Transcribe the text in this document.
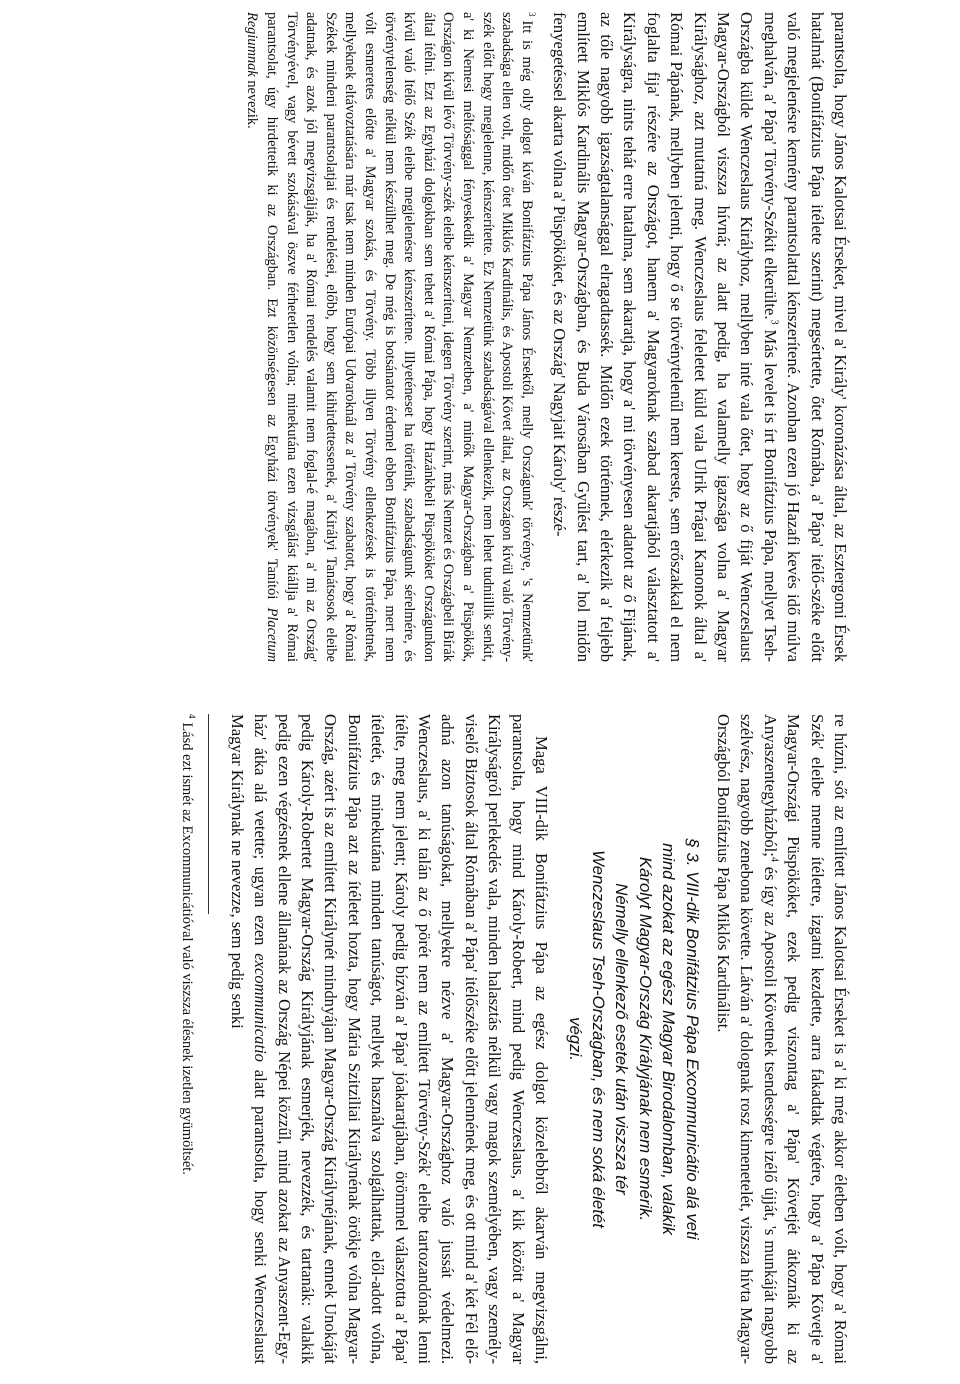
parantsolta, hogy János Kalotsai Érseket, mivel a' Király' koronázása által, az Esztergomi Érsek hatalmát (Bonifátzius Pápa itélete szerint) megsértette, őtet Rómába, a' Pápa' itélő-széke előtt való megjelenésre kemény parantsolattal kénszerítené. Azonban ezen jó Hazafi kevés idő múlva meghalván, a' Pápa' Törvény-Székit elkerülte.$^3$ Más levelet is írt Bonifátzius Pápa, mellyet Tseh-Országba külde Wenczeslaus Királyhoz, mellyben inté vala őtet, hogy az ő fiját Wenczeslaust Magyar-Országból viszsza hívná; az alatt pedig, ha valamelly igazsága volna a' Magyar Királysághoz, azt mutatná meg. Wenczeslaus feleletet küld vala Ulrik Prágai Kanonok által a' Római Pápának, mellyben jelenti, hogy ő se törvénytelenűl nem kereste, sem erőszakkal el nem foglalta fija' részére az Országot, hanem a' Magyaroknak szabad akaratjából választatott a' Királyságra, nints tehát erre hatalma, sem akaratja, hogy a' mi törvényesen adatott az ő Fijának, az tőle nagyobb igazságtalansággal elragadtassék. Midőn ezek történnek, elérkezik a' feljebb említett Miklós Kardinális Magyar-Országban, és Buda Városában Gyűlést tart, a' hol midőn fenyegetéssel akarta vólna a' Püspököket, és az Ország' Nagyjait Károly' részé-

$^3$Itt is még olly dolgot kíván Bonifátzius Pápa János Érsektől, melly Országunk' törvénye, 's Nemzetünk' szabadsága ellen volt, midőn őtet Miklós Kardinális, és Apostoli Követ által, az Országon kívül való Törvény-szék előtt hogy megjelenne, kénszerítette. Ez Nemzetünk szabadságával ellenkezik, nem lehet tudniillik senkit, a' ki Nemesi méltósággal fényeskedik a' Magyar Nemzetben, a' minők Magyar-Országban a' Püspökök, Országon kívül lévő Törvény-szék eleibe kénszeríteni, idegen Törvény szerint, más Nemzet és Országbeli Bírák által ítélni. Ezt az Egyházi dolgokban sem tehett a' Római Pápa, hogy Hazánkbeli Püspököket Országunkon kívül való Itélő Szék eleibe megjelenésre kénszerítene. Illyeténeset ha történik, szabadságunk sérelmére, és törvénytelenség nélkül nem készülhet meg. De még is botsánatot érdemel ebben Bonifátzius Pápa, mert nem vólt esmeretes előtte a' Magyar szokás, és Törvény. Több illyen Törvény ellenkezések is történhetnek, mellyeknek eltávoztatására már tsak nem minden Európai Udvaroknál az a' Törvény szabatott, hogy a' Római Székek mindeni parantsolatjai és rendelései, előbb, hogy sem kihirdettessenek, a' Királyi Tanátsosok eleibe adatnak, és azok jól megvizsgálják, ha a' Római rendelés valamit nem foglal-é magában, a' mi az Ország' Törvényével, vagy bévett szokásával öszve férhetetlen vólna; minekutána ezen vizsgálást kiállja a' Római parantsolat, úgy hirdettetik ki az Országban. Ezt közönségesen az Egyházi törvények' Tanítói Placetum Regiumnak nevezik.

re húzni, sőt az említett János Kalotsai Érseket is a' ki még akkor életben vólt, hogy a' Római Szék' eleibe menne ítéletre, izgatni kezdette, arra fakadtak végtére, hogy a' Pápa Követje a' Magyar-Országi Püspököket, ezek pedig viszontag a' Pápa' Követjét átkoznák ki az Anyaszentegyházból;$^4$ és így az Apostoli Követnek tsendességre izélő újját, 's munkáját nagyobb szélvész, nagyobb zenebona követte. Látván a' dolognak rosz kimenetelét, viszsza hívta Magyar-Országból Bonifátzius Pápa Miklós Kardinálist.

§ 3. VIII-dik Bonifátzius Pápa Excommunicátio alá veti
mind azokat az egész Magyar Birodalomban, valakik
Károlyt Magyar-Ország Királyjának nem esmérik.
Némelly ellenkező esetek után viszsza tér
Wenczeslaus Tseh-Országban, és nem soká életét
végzi.

Maga VIII-dik Bonifátzius Pápa az egész dolgot közelebbről akarván megvizsgálni, parantsolta, hogy mind Károly-Robert, mind pedig Wenczeslaus, a' kik között a' Magyar Királyságról perlekedés vala, minden halasztás nélkül vagy magok személyében, vagy személy-viselő Biztosok által Rómában a' Pápa' itélőszéke előtt jelennének meg, és ott mind a' két Fél elő-adná azon tanúságokat, mellyekre nézve a' Magyar-Országhoz való jussát védelmezi. Wenczeslaus, a' ki talán az ő pörét nem az említett Törvény-Szék' eleibe tartozandónak lenni ítélte, meg nem jelent; Károly pedig bízván a' Pápa' jóakaratjában, örömmel választotta a' Pápa' ítéletét, és minekutána minden tanúságot, mellyek használva szolgálhattak, elől-adott vólna, Bonifátzius Pápa azt az ítéletet hozta, hogy Mária Szitziliai Királynénak örökje vólna Magyar-Ország, azért is az említett Királynét mindnyájan Magyar-Ország Királynéjának, ennek Unokáját pedig Károly-Robertet Magyar-Ország Királyjának esmerjék, nevezzék, és tartanák: valakik pedig ezen végzésnek ellene állanának az Ország Népei közzűl, mind azokat az Anyaszent-Egy-ház' átka alá vetette; ugyan ezen excommunicatio alatt parantsolta, hogy senki Wenczeslaust Magyar Királynak ne nevezze, sem pedig senki

$^4$Lásd ezt ismét az Excommunicátióval való viszsza élésnek izetlen gyümöltsét.
